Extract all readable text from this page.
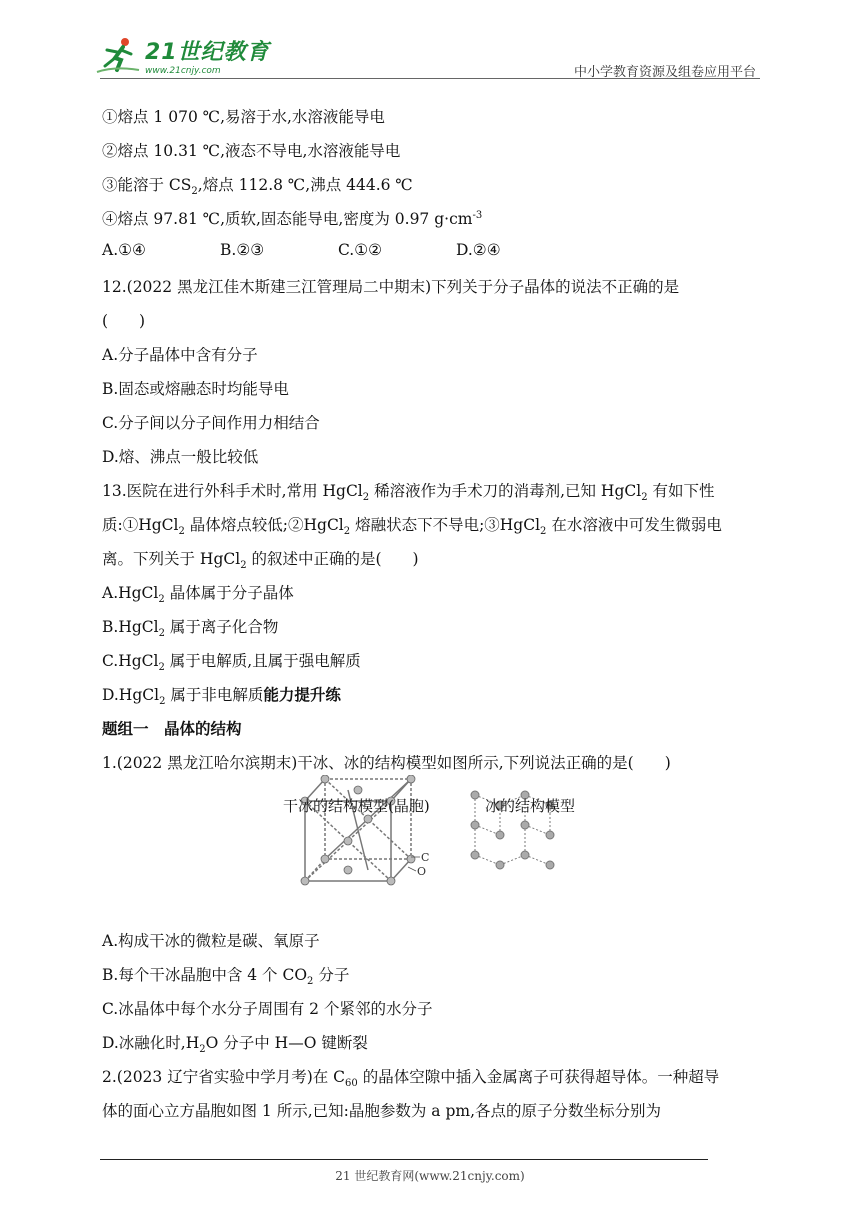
21世纪教育
www.21cnjy.com	中小学教育资源及组卷应用平台
①熔点 1 070 ℃,易溶于水,水溶液能导电
②熔点 10.31 ℃,液态不导电,水溶液能导电
③能溶于 $CS_2$,熔点 112.8 ℃,沸点 444.6 ℃
④熔点 97.81 ℃,质软,固态能导电,密度为 0.97 $g\cdot cm^{-3}$
A.①④	B.②③	C.①②	D.②④
12.(2022 黑龙江佳木斯建三江管理局二中期末)下列关于分子晶体的说法不正确的是
(　　)
A.分子晶体中含有分子
B.固态或熔融态时均能导电
C.分子间以分子间作用力相结合
D.熔、沸点一般比较低
13.医院在进行外科手术时,常用 HgCl$_2$ 稀溶液作为手术刀的消毒剂,已知 HgCl$_2$ 有如下性
质:①HgCl$_2$ 晶体熔点较低;②HgCl$_2$ 熔融状态下不导电;③HgCl$_2$ 在水溶液中可发生微弱电
离。下列关于 HgCl$_2$ 的叙述中正确的是(　　)
A.HgCl$_2$ 晶体属于分子晶体
B.HgCl$_2$ 属于离子化合物
C.HgCl$_2$ 属于电解质,且属于强电解质
D.HgCl$_2$ 属于非电解质能力提升练
题组一　晶体的结构
1.(2022 黑龙江哈尔滨期末)干冰、冰的结构模型如图所示,下列说法正确的是(　　)
A.构成干冰的微粒是碳、氧原子
B.每个干冰晶胞中含 4 个 $CO_2$ 分子
C.冰晶体中每个水分子周围有 2 个紧邻的水分子
D.冰融化时$,H_2O$ 分子中 H—O 键断裂
2.(2023 辽宁省实验中学月考)在 $C_{60}$ 的晶体空隙中插入金属离子可获得超导体。一种超导
体的面心立方晶胞如图 1 所示,已知:晶胞参数为 a pm,各点的原子分数坐标分别为
C
O
干冰的结构模型(晶胞)	冰的结构模型
21 世纪教育网(www.21cnjy.com)
